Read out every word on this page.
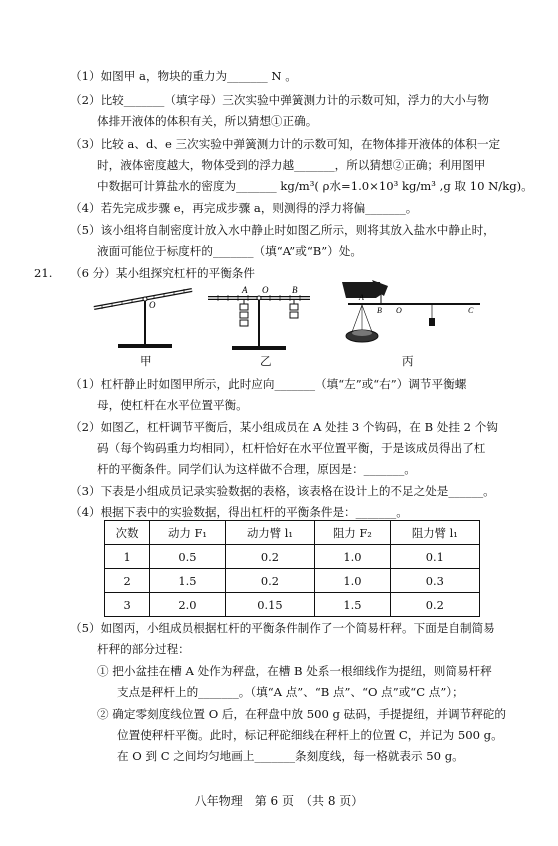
（1）如图甲 a，物块的重力为_______ N 。
（2）比较_______（填字母）三次实验中弹簧测力计的示数可知，浮力的大小与物
体排开液体的体积有关，所以猜想①正确。
（3）比较 a、d、e 三次实验中弹簧测力计的示数可知，在物体排开液体的体积一定
时，液体密度越大，物体受到的浮力越_______，所以猜想②正确；利用图甲
中数据可计算盐水的密度为_______ kg/m³( ρ水=1.0×10³ kg/m³ ,g 取 10 N/kg)。
（4）若先完成步骤 e，再完成步骤 a，则测得的浮力将偏_______。
（5）该小组将自制密度计放入水中静止时如图乙所示，则将其放入盐水中静止时，
液面可能位于标度杆的_______（填“A”或“B”）处。
21. （6 分）某小组探究杠杆的平衡条件
O
甲
A O	B
乙
A
B O	C
丙
（1）杠杆静止时如图甲所示，此时应向_______（填“左”或“右”）调节平衡螺
母，使杠杆在水平位置平衡。
（2）如图乙，杠杆调节平衡后，某小组成员在 A 处挂 3 个钩码，在 B 处挂 2 个钩
码（每个钩码重力均相同），杠杆恰好在水平位置平衡，于是该成员得出了杠
杆的平衡条件。同学们认为这样做不合理，原因是：_______。
（3）下表是小组成员记录实验数据的表格，该表格在设计上的不足之处是______。
（4）根据下表中的实验数据，得出杠杆的平衡条件是：_______。
次数	动力 F₁	动力臂 l₁	阻力 F₂	阻力臂 l₁
1	0.5	0.2	1.0	0.1
2	1.5	0.2	1.0	0.3
3	2.0	0.15	1.5	0.2
（5）如图丙，小组成员根据杠杆的平衡条件制作了一个简易杆秤。下面是自制简易
杆秤的部分过程：
① 把小盆挂在槽 A 处作为秤盘，在槽 B 处系一根细线作为提纽，则简易杆秤
支点是秤杆上的_______。（填“A 点”、“B 点”、“O 点”或“C 点”）；
② 确定零刻度线位置 O 后，在秤盘中放 500 g 砝码，手提提纽，并调节秤砣的
位置使秤杆平衡。此时，标记秤砣细线在秤杆上的位置 C，并记为 500 g。
在 O 到 C 之间均匀地画上_______条刻度线，每一格就表示 50 g。
八年物理　第 6 页　（共 8 页）
